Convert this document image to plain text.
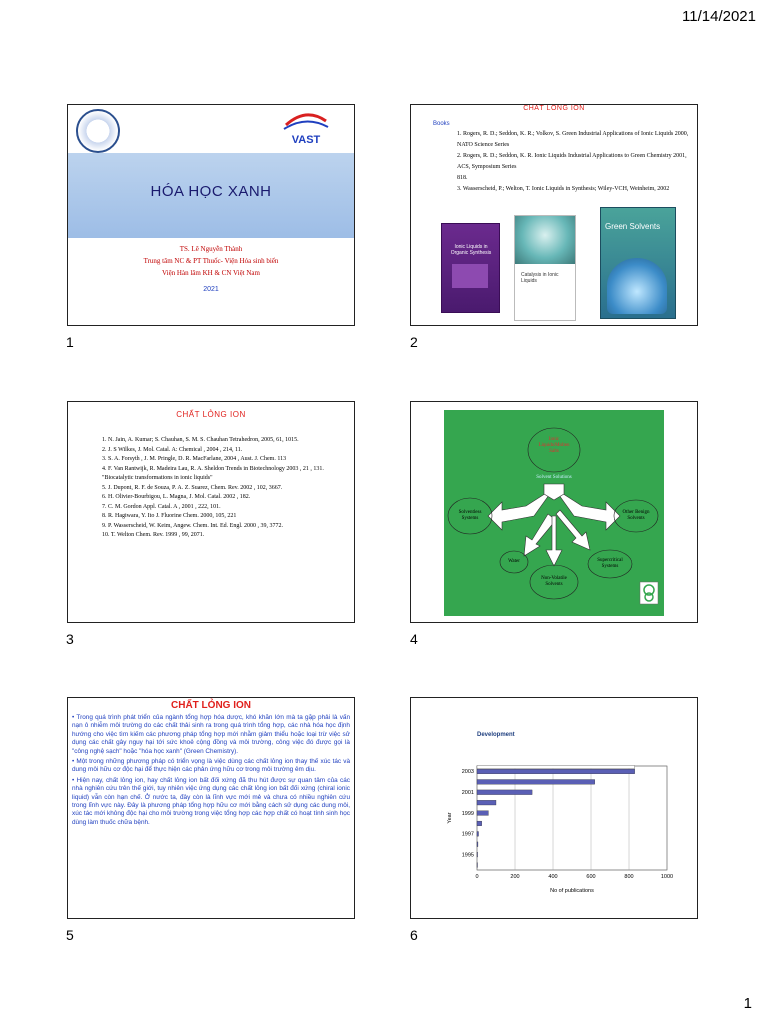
11/14/2021
VAST
HÓA HỌC XANH
TS. Lê Nguyễn Thành
Trung tâm NC & PT Thuốc- Viện Hóa sinh biển
Viện Hàn lâm KH & CN Việt Nam
2021
1
CHẤT LỎNG ION
Books
1. Rogers, R. D.; Seddon, K. R.; Volkov, S. Green Industrial Applications of Ionic Liquids 2000, NATO Science Series
2. Rogers, R. D.; Seddon, K. R. Ionic Liquids Industrial Applications to Green Chemistry 2001, ACS, Symposium Series
818.
3. Wasserscheid, P.; Welton, T. Ionic Liquids in Synthesis; Wiley-VCH, Weinheim, 2002
Ionic Liquids in Organic Synthesis
Catalysis in Ionic Liquids
Green Solvents
2
CHẤT LỎNG ION
1. N. Jain, A. Kumar; S. Chauhan, S. M. S. Chauhan Tetrahedron, 2005, 61, 1015.
2. J. S Wilkes, J. Mol. Catal. A: Chemical , 2004 , 214, 11.
3. S. A. Forsyth , J. M. Pringle, D. R. MacFarlane, 2004 , Aust. J. Chem. 113
4. F. Van Rantwijk, R. Madeira Lau, R. A. Sheldon Trends in Biotechnology 2003 , 21 , 131. "Biocatalytic transformations in ionic liquids"
5. J. Dupont, R. F. de Souza, P. A. Z. Suarez, Chem. Rev. 2002 , 102, 3667.
6. H. Olivier-Bourbigou, L. Magna, J. Mol. Catal. 2002 , 182.
7. C. M. Gordon Appl. Catal. A , 2001 , 222, 101.
8. R. Hagiwara, Y. Ito J. Fluorine Chem. 2000, 105, 221
9. P. Wasserscheid, W. Keim, Angew. Chem. Int. Ed. Engl. 2000 , 39, 3772.
10. T. Welton Chem. Rev. 1999 , 99, 2071.
3
Ionic Liquids/Molten Salts
Solvent Solutions
Solventless Systems
Other Benign Solvents
Water
Non-Volatile Solvents
Supercritical Systems
4
CHẤT LỎNG ION

• Trong quá trình phát triển của ngành tổng hợp hóa dược, khó khăn lớn mà ta gặp phải là vấn nạn ô nhiễm môi trường do các chất thải sinh ra trong quá trình tổng hợp, các nhà hóa học định hướng cho việc tìm kiếm các phương pháp tổng hợp mới nhằm giảm thiểu hoặc loại trừ việc sử dụng các chất gây nguy hại tới sức khoẻ cộng đồng và môi trường, công việc đó được gọi là "công nghệ sạch" hoặc "hóa học xanh" (Green Chemistry).

• Một trong những phương pháp có triển vọng là việc dùng các chất lỏng ion thay thế xúc tác và dung môi hữu cơ độc hại để thực hiện các phản ứng hữu cơ trong môi trường êm dịu.

• Hiện nay, chất lỏng ion, hay chất lỏng ion bất đối xứng đã thu hút được sự quan tâm của các nhà nghiên cứu trên thế giới, tuy nhiên việc ứng dụng các chất lỏng ion bất đối xứng (chiral ionic liquid) vẫn còn hạn chế. Ở nước ta, đây còn là lĩnh vực mới mẻ và chưa có nhiều nghiên cứu trong lĩnh vực này. Đây là phương pháp tổng hợp hữu cơ mới bằng cách sử dụng các dung môi, xúc tác mới không độc hại cho môi trường trong việc tổng hợp các hợp chất có hoạt tính sinh học dùng làm thuốc chữa bệnh.

5
Development
0	200	400	600	800	1000
1995
1997
1999
2001
2003
No of publications
Year
6
1
